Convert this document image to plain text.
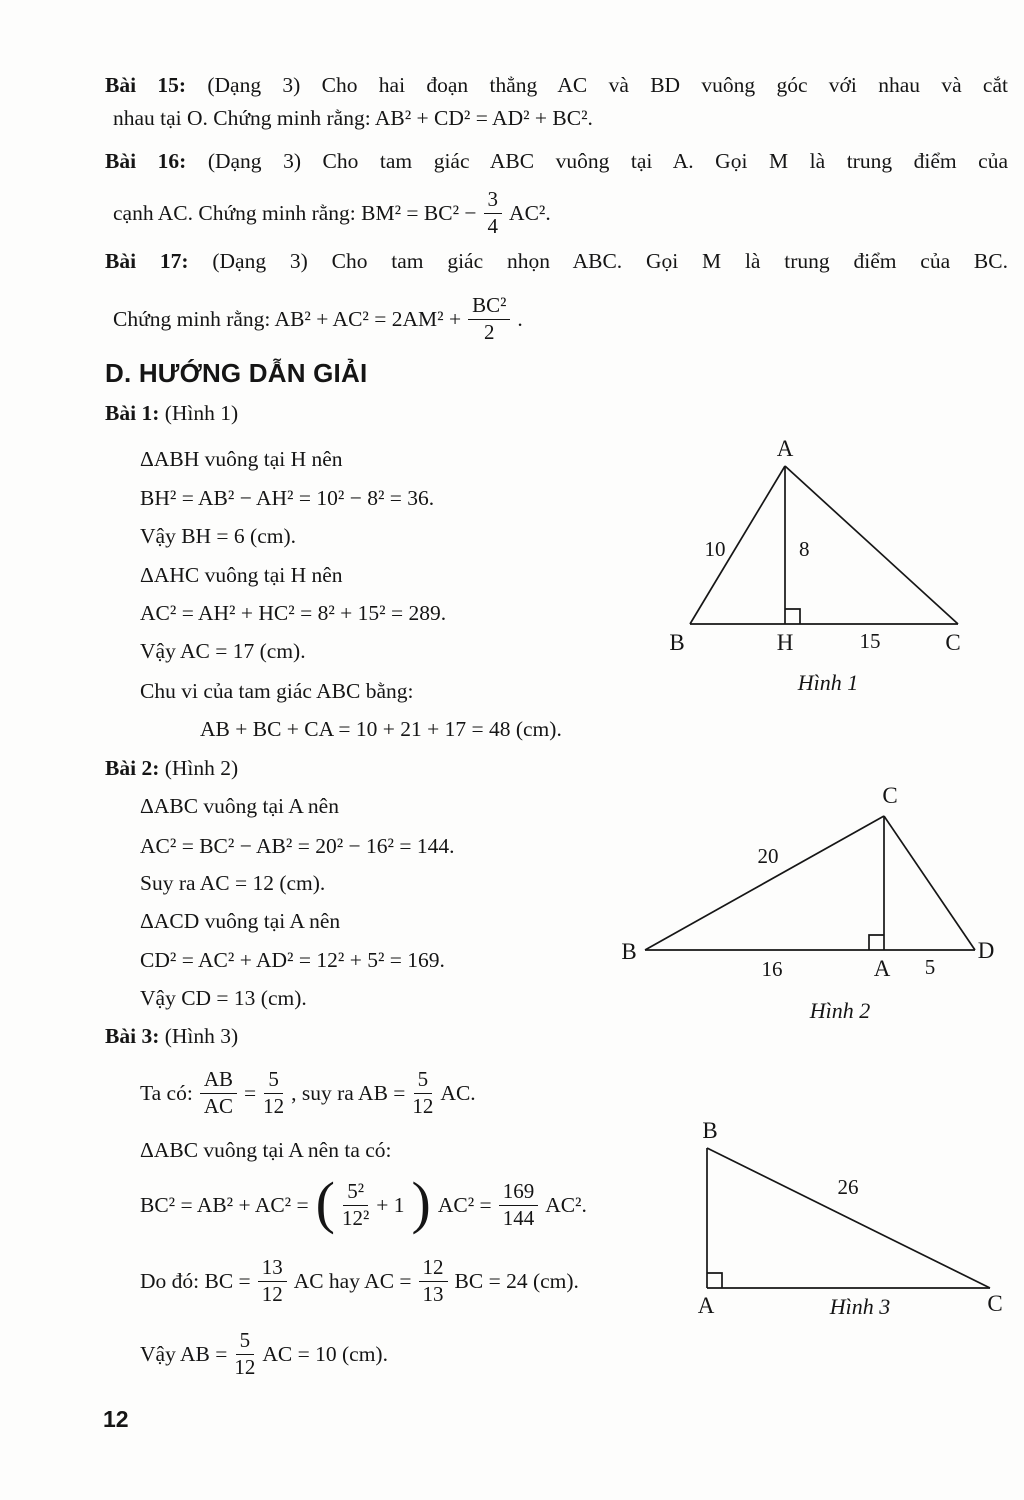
Bài 15: (Dạng 3) Cho hai đoạn thẳng AC và BD vuông góc với nhau và cắt
nhau tại O. Chứng minh rằng: AB² + CD² = AD² + BC².
Bài 16: (Dạng 3) Cho tam giác ABC vuông tại A. Gọi M là trung điểm của
cạnh AC. Chứng minh rằng: $BM^2 = BC^2 - \frac{3}{4} AC^2$.
Bài 17: (Dạng 3) Cho tam giác nhọn ABC. Gọi M là trung điểm của BC.
Chứng minh rằng: $AB^2 + AC^2 = 2AM^2 + \frac{\text{BC²}}{2}$ .
D. HƯỚNG DẪN GIẢI
Bài 1: (Hình 1)
ΔABH vuông tại H nên
BH² = AB² − AH² = 10² − 8² = 36.
Vậy BH = 6 (cm).
ΔAHC vuông tại H nên
AC² = AH² + HC² = 8² + 15² = 289.
Vậy AC = 17 (cm).
Chu vi của tam giác ABC bằng:
AB + BC + CA = 10 + 21 + 17 = 48 (cm).
Bài 2: (Hình 2)
ΔABC vuông tại A nên
AC² = BC² − AB² = 20² − 16² = 144.
Suy ra AC = 12 (cm).
ΔACD vuông tại A nên
CD² = AC² + AD² = 12² + 5² = 169.
Vậy CD = 13 (cm).
Bài 3: (Hình 3)
Ta có: $\frac{AB}{AC} = \frac{5}{12}$ , suy ra AB = $\frac{5}{12}$ AC.
ΔABC vuông tại A nên ta có:
BC² = AB² + AC² = ( $\frac{\text{5²}}{\text{12²}} + 1$ ) $AC^2 = \frac{169}{144} AC^2$.
Do đó: BC = $\frac{13}{12}$ AC hay AC = $\frac{12}{13}$ BC = 24 (cm).
Vậy AB = $\frac{5}{12}$ AC = 10 (cm).
A
B	H	C
10	8
15
Hình 1
B
C
A
D
20
16	5
Hình 2
B
A	C
26
Hình 3
12
